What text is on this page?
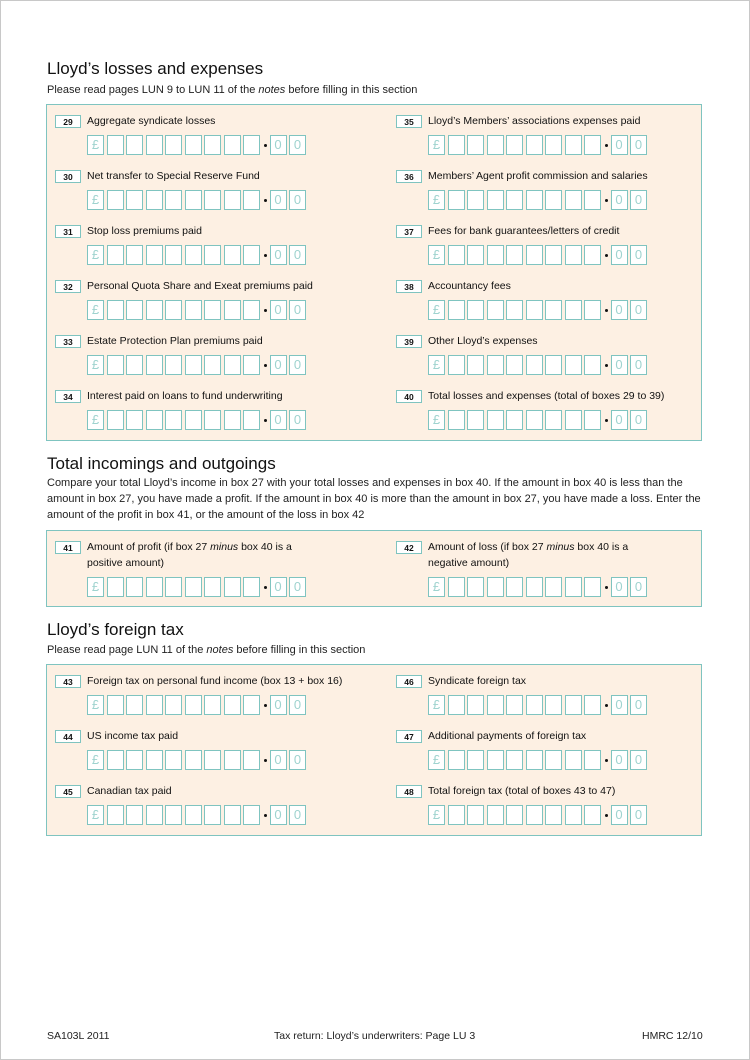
Lloyd’s losses and expenses
Please read pages LUN 9 to LUN 11 of the notes before filling in this section
29	Aggregate syndicate losses
£	0 0
30	Net transfer to Special Reserve Fund
£	0 0
31	Stop loss premiums paid
£	0 0
32	Personal Quota Share and Exeat premiums paid
£	0 0
33	Estate Protection Plan premiums paid
£	0 0
34	Interest paid on loans to fund underwriting
£	0 0
35	Lloyd’s Members’ associations expenses paid
£	0 0
36	Members’ Agent profit commission and salaries
£	0 0
37	Fees for bank guarantees/letters of credit
£	0 0
38	Accountancy fees
£	0 0
39	Other Lloyd’s expenses
£	0 0
40	Total losses and expenses (total of boxes 29 to 39)
£	0 0
Total incomings and outgoings
Compare your total Lloyd’s income in box 27 with your total losses and expenses in box 40. If the amount in box 40 is less than the amount in box 27, you have made a profit. If the amount in box 40 is more than the amount in box 27, you have made a loss. Enter the amount of the profit in box 41, or the amount of the loss in box 42
41	Amount of profit (if box 27 minus box 40 is a positive amount)
£	0 0
42	Amount of loss (if box 27 minus box 40 is a negative amount)
£	0 0
Lloyd’s foreign tax
Please read page LUN 11 of the notes before filling in this section
43	Foreign tax on personal fund income (box 13 + box 16)
£	0 0
44	US income tax paid
£	0 0
45	Canadian tax paid
£	0 0
46	Syndicate foreign tax
£	0 0
47	Additional payments of foreign tax
£	0 0
48	Total foreign tax (total of boxes 43 to 47)
£	0 0
SA103L 2011	Tax return: Lloyd’s underwriters: Page LU 3	HMRC 12/10
